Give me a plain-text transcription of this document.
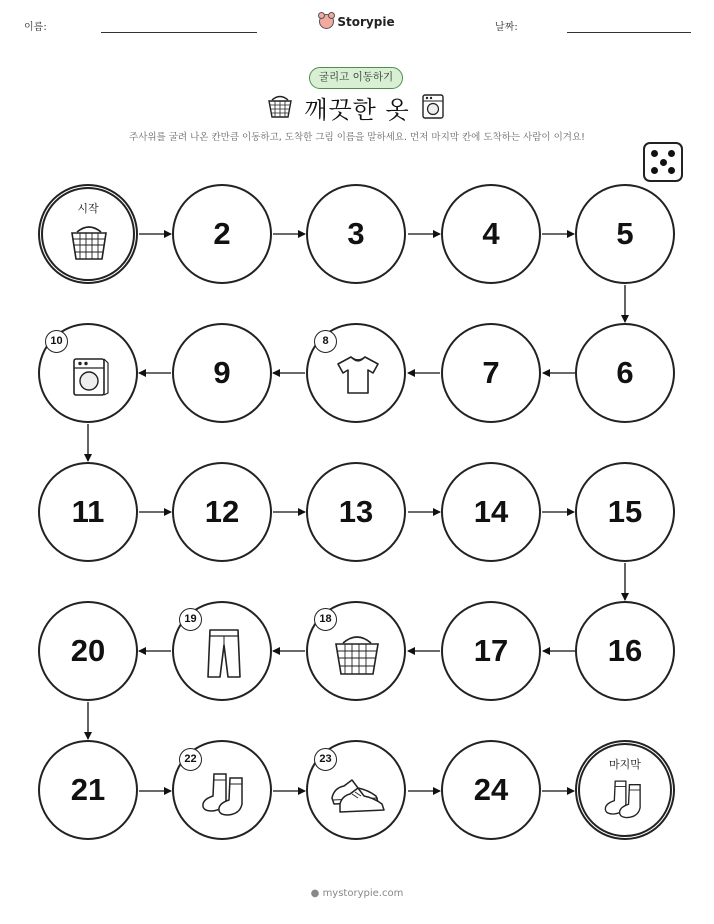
이름:	Storypie	날짜:
굴리고 이동하기
깨끗한 옷
주사위를 굴려 나온 칸만큼 이동하고, 도착한 그림 이름을 말하세요. 먼저 마지막 칸에 도착하는 사람이 이겨요!
시작
2	3	4	5
10
9
8
7	6
11	12	13	14	15
20
19	18
17	16
21
22	23
24
마지막
● mystorypie.com
